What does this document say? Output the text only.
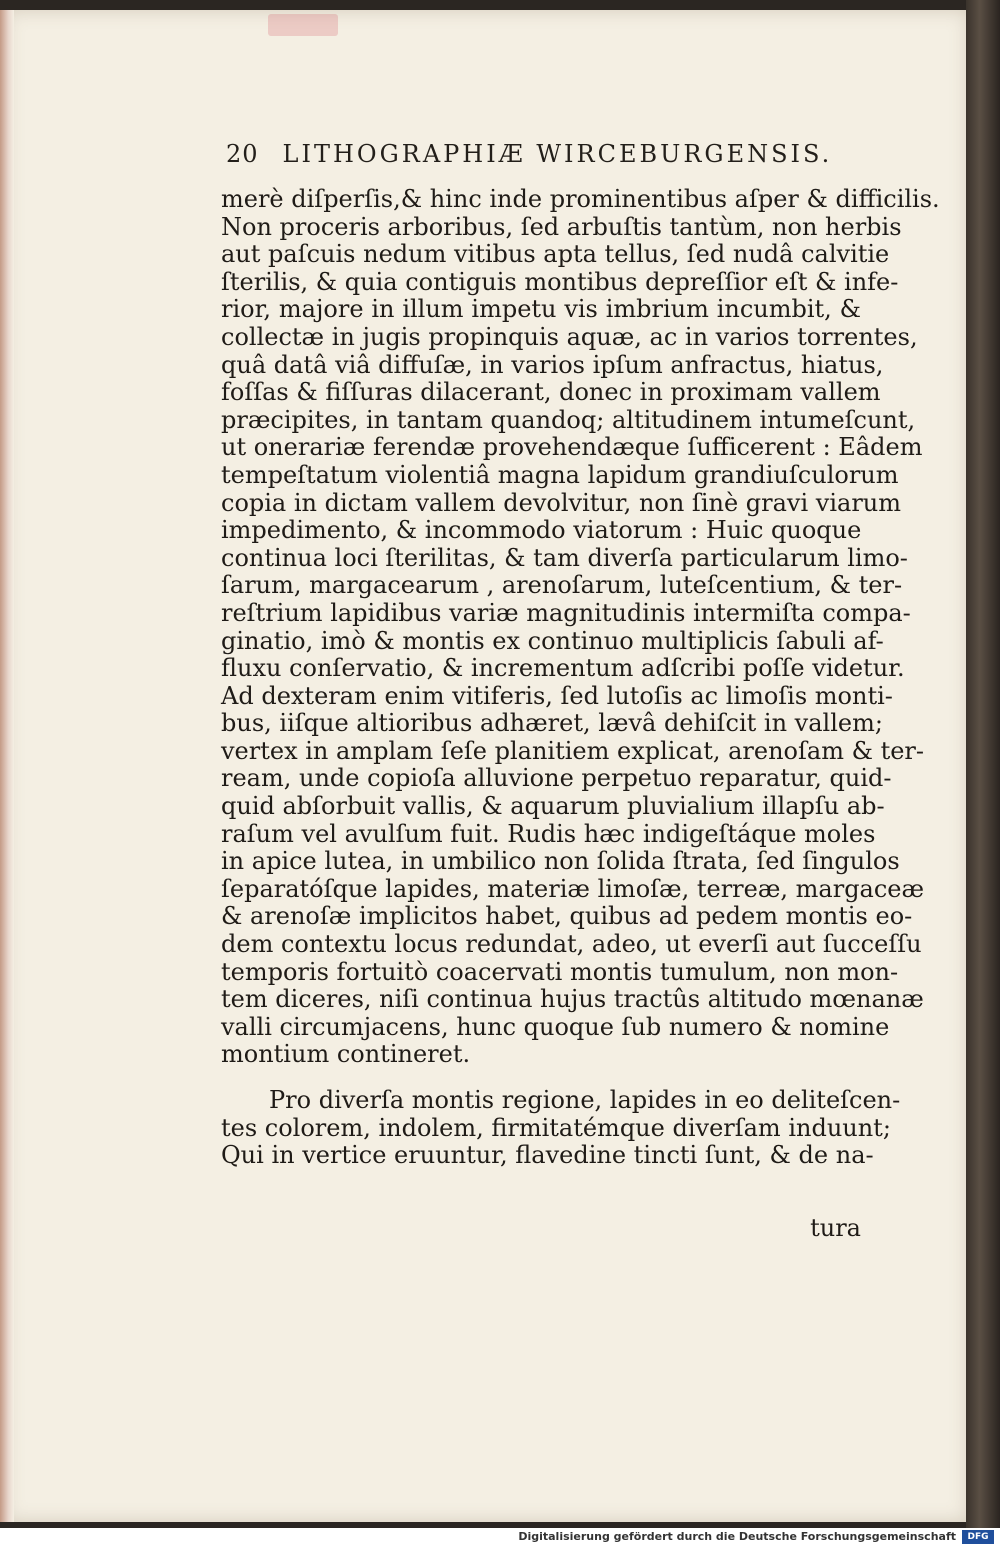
20 LITHOGRAPHIÆ WIRCEBURGENSIS.
merè diſperſis,& hinc inde prominentibus aſper & difficilis.
Non proceris arboribus, ſed arbuſtis tantùm, non herbis
aut paſcuis nedum vitibus apta tellus, ſed nudâ calvitie
ſterilis, & quia contiguis montibus depreſſior eſt & infe-
rior, majore in illum impetu vis imbrium incumbit, &
collectæ in jugis propinquis aquæ, ac in varios torrentes,
quâ datâ viâ diffuſæ, in varios ipſum anfractus, hiatus,
foſſas & fiſſuras dilacerant, donec in proximam vallem
præcipites, in tantam quandoq; altitudinem intumeſcunt,
ut onerariæ ferendæ provehendæque ſufficerent : Eâdem
tempeſtatum violentiâ magna lapidum grandiuſculorum
copia in dictam vallem devolvitur, non ſinè gravi viarum
impedimento, & incommodo viatorum : Huic quoque
continua loci ſterilitas, & tam diverſa particularum limo-
ſarum, margacearum , arenoſarum, luteſcentium, & ter-
reſtrium lapidibus variæ magnitudinis intermiſta compa-
ginatio, imò & montis ex continuo multiplicis ſabuli af-
fluxu conſervatio, & incrementum adſcribi poſſe videtur.
Ad dexteram enim vitiferis, ſed lutoſis ac limoſis monti-
bus, iiſque altioribus adhæret, lævâ dehiſcit in vallem;
vertex in amplam ſeſe planitiem explicat, arenoſam & ter-
ream, unde copioſa alluvione perpetuo reparatur, quid-
quid abſorbuit vallis, & aquarum pluvialium illapſu ab-
raſum vel avulſum fuit. Rudis hæc indigeſtáque moles
in apice lutea, in umbilico non ſolida ſtrata, ſed ſingulos
ſeparatóſque lapides, materiæ limoſæ, terreæ, margaceæ
& arenoſæ implicitos habet, quibus ad pedem montis eo-
dem contextu locus redundat, adeo, ut everſi aut ſucceſſu
temporis fortuitò coacervati montis tumulum, non mon-
tem diceres, niſi continua hujus tractûs altitudo mœnanæ
valli circumjacens, hunc quoque ſub numero & nomine
montium contineret.
Pro diverſa montis regione, lapides in eo deliteſcen-
tes colorem, indolem, firmitatémque diverſam induunt;
Qui in vertice eruuntur, flavedine tincti ſunt, & de na-
tura
Digitalisierung gefördert durch die Deutsche Forschungsgemeinschaft	DFG
